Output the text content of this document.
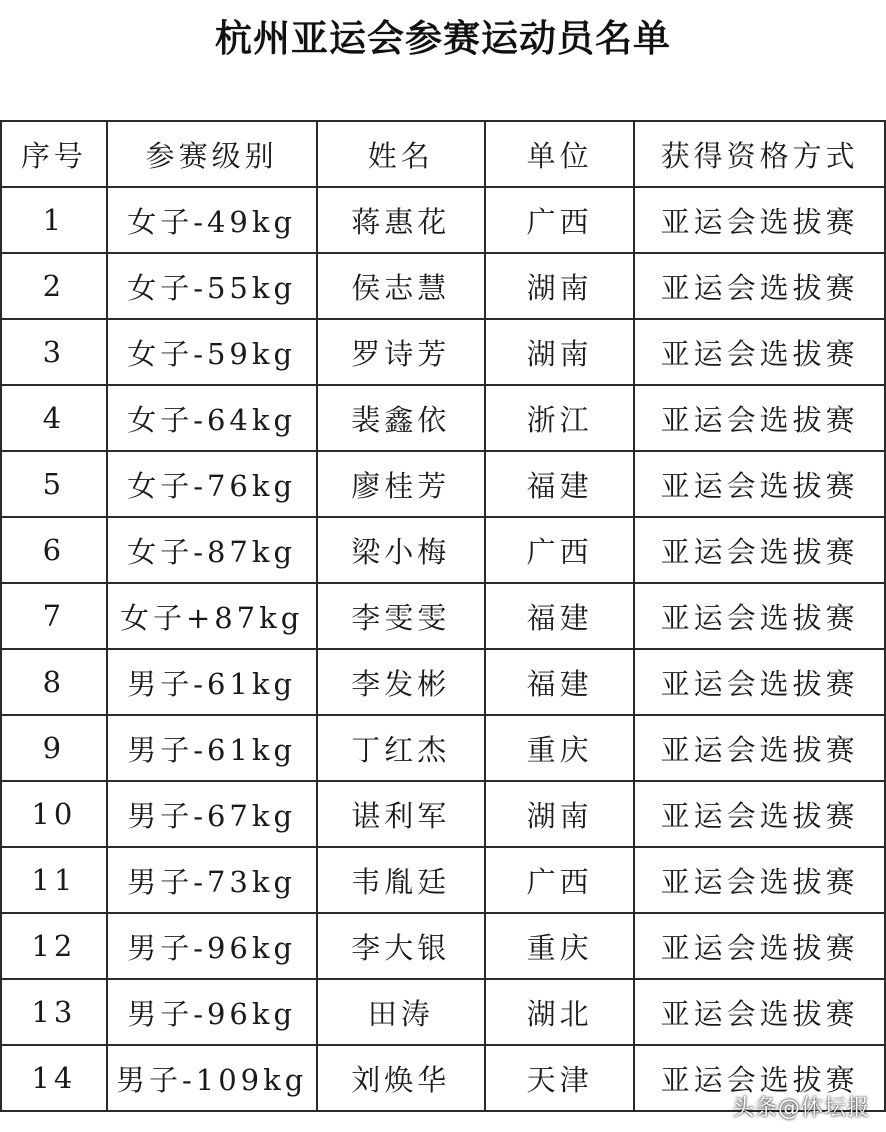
杭州亚运会参赛运动员名单
序号	参赛级别	姓名	单位	获得资格方式
1	女子-49kg	蒋惠花	广西	亚运会选拔赛
2	女子-55kg	侯志慧	湖南	亚运会选拔赛
3	女子-59kg	罗诗芳	湖南	亚运会选拔赛
4	女子-64kg	裴鑫依	浙江	亚运会选拔赛
5	女子-76kg	廖桂芳	福建	亚运会选拔赛
6	女子-87kg	梁小梅	广西	亚运会选拔赛
7	女子+87kg	李雯雯	福建	亚运会选拔赛
8	男子-61kg	李发彬	福建	亚运会选拔赛
9	男子-61kg	丁红杰	重庆	亚运会选拔赛
10	男子-67kg	谌利军	湖南	亚运会选拔赛
11	男子-73kg	韦胤廷	广西	亚运会选拔赛
12	男子-96kg	李大银	重庆	亚运会选拔赛
13	男子-96kg	田涛	湖北	亚运会选拔赛
14	男子-109kg	刘焕华	天津	亚运会选拔赛
头条@体坛报
